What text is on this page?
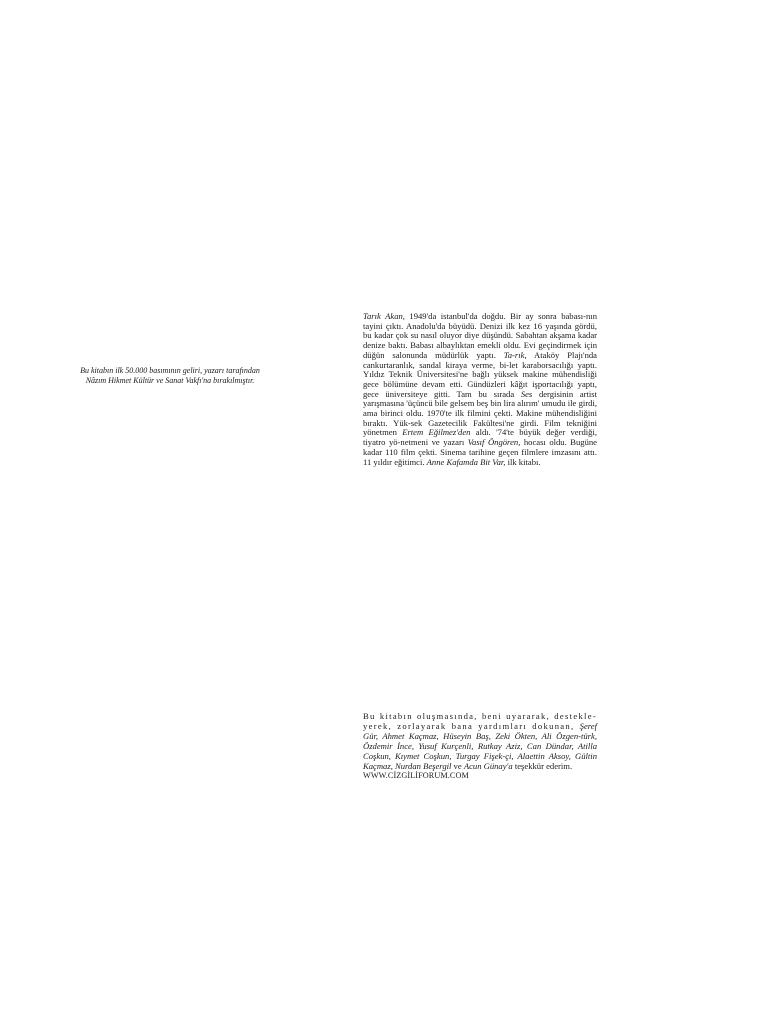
Bu kitabın ilk 50.000 basımının geliri, yazarı tarafından
Nâzım Hikmet Kültür ve Sanat Vakfı'na bırakılmıştır.

Tarık Akan, 1949'da istanbul'da doğdu. Bir ay sonra babası-nın tayini çıktı. Anadolu'da büyüdü. Denizi ilk kez 16 yaşında gördü, bu kadar çok su nasıl oluyor diye düşündü. Sabahtan akşama kadar denize baktı. Babası albaylıktan emekli oldu. Evi geçindirmek için düğün salonunda müdürlük yaptı. Ta-rık, Ataköy Plajı'nda cankurtaranlık, sandal kiraya verme, bi-let karaborsacılığı yaptı. Yıldız Teknik Üniversitesi'ne bağlı yüksek makine mühendisliği gece bölümüne devam etti. Gündüzleri kâğıt işportacılığı yaptı, gece üniversiteye gitti. Tam bu sırada Ses dergisinin artist yarışmasına 'üçüncü bile gelsem beş bin lira alırım' umudu ile girdi, ama birinci oldu. 1970'te ilk filmini çekti. Makine mühendisliğini bıraktı. Yük-sek Gazetecilik Fakültesi'ne girdi. Film tekniğini yönetmen Ertem Eğilmez'den aldı. '74'te büyük değer verdiği, tiyatro yö-netmeni ve yazarı Vasıf Öngören, hocası oldu. Bugüne kadar 110 film çekti. Sinema tarihine geçen filmlere imzasını attı. 11 yıldır eğitimci. Anne Kafamda Bit Var, ilk kitabı.

Bu kitabın oluşmasında, beni uyararak, destekle-yerek, zorlayarak bana yardımları dokunan, Şeref Gür, Ahmet Kaçmaz, Hüseyin Baş, Zeki Ökten, Ali Özgen-türk, Özdemir İnce, Yusuf Kurçenli, Rutkay Aziz, Can Dündar, Atilla Coşkun, Kıymet Coşkun, Turgay Fişek-çi, Alaettin Aksoy, Gültin Kaçmaz, Nurdan Beşergil ve Acun Günay'a teşekkür ederim.

WWW.CİZGİLİFORUM.COM
